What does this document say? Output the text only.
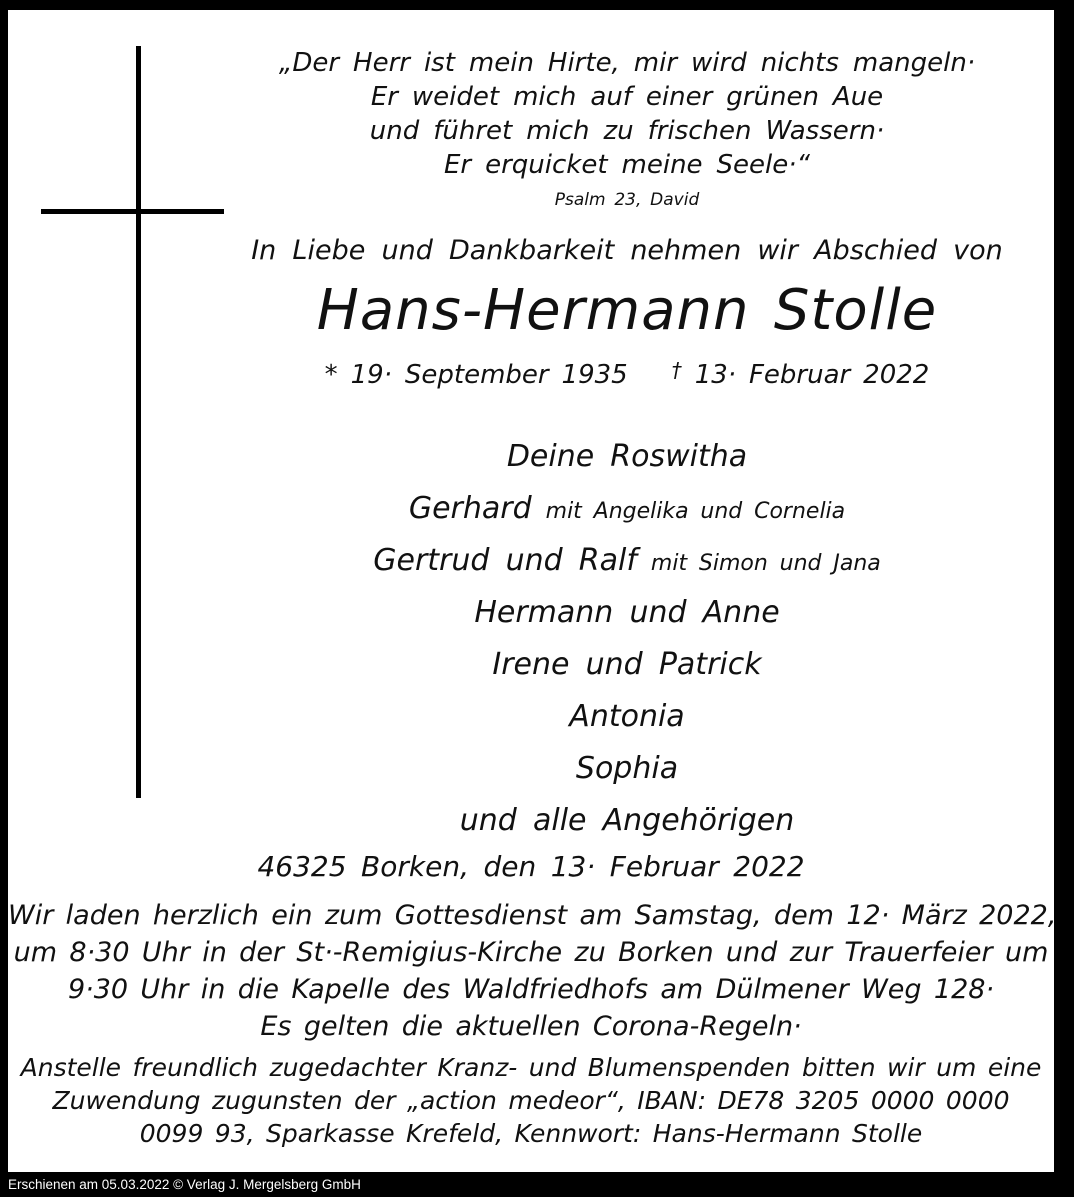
„Der Herr ist mein Hirte, mir wird nichts mangeln·
Er weidet mich auf einer grünen Aue
und führet mich zu frischen Wassern·
Er erquicket meine Seele·“
Psalm 23, David
In Liebe und Dankbarkeit nehmen wir Abschied von
Hans-Hermann Stolle
* 19· September 1935 † 13· Februar 2022
Deine Roswitha
Gerhard mit Angelika und Cornelia
Gertrud und Ralf mit Simon und Jana
Hermann und Anne
Irene und Patrick
Antonia
Sophia
und alle Angehörigen
46325 Borken, den 13· Februar 2022
Wir laden herzlich ein zum Gottesdienst am Samstag, dem 12· März 2022,
um 8·30 Uhr in der St·-Remigius-Kirche zu Borken und zur Trauerfeier um
9·30 Uhr in die Kapelle des Waldfriedhofs am Dülmener Weg 128·
Es gelten die aktuellen Corona-Regeln·
Anstelle freundlich zugedachter Kranz- und Blumenspenden bitten wir um eine
Zuwendung zugunsten der „action medeor“, IBAN: DE78 3205 0000 0000
0099 93, Sparkasse Krefeld, Kennwort: Hans-Hermann Stolle
Erschienen am 05.03.2022 © Verlag J. Mergelsberg GmbH
